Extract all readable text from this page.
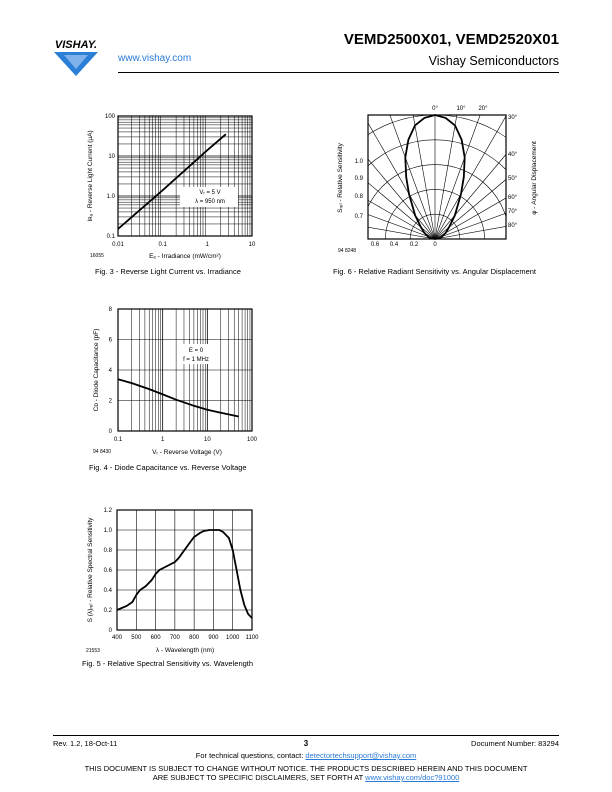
VISHAY.
www.vishay.com
VEMD2500X01, VEMD2520X01
Vishay Semiconductors
Vᵣ = 5 V
λ = 950 nm
0.01	0.1	1	10
100
10
1.0
0.1
Iʀₐ - Reverse Light Current (µA)
Eₑ - Irradiance (mW/cm²)
16055
Fig. 3 - Reverse Light Current vs. Irradiance
0°	10° 20°
30°
40°
50°
60°
70°
80°
1.0
0.9
0.8
0.7
0.6 0.4 0.2	0
Sᵣₑₗ - Relative Sensitivity	φ - Angular Displacement
94 8248
Fig. 6 - Relative Radiant Sensitivity vs. Angular Displacement
E = 0
f = 1 MHz
0.1	1	10	100
8
6
4
2
0
Cᴅ - Diode Capacitance (pF)
Vᵣ - Reverse Voltage (V)
94 8430
Fig. 4 - Diode Capacitance vs. Reverse Voltage
400 500 600 700 800 900 1000 1100
1.2
1.0
0.8
0.6
0.4
0.2
0
S (λ)ᵣₑₗ - Relative Spectral Sensitivity
λ - Wavelength (nm)
21553
Fig. 5 - Relative Spectral Sensitivity vs. Wavelength
3
Rev. 1.2, 18-Oct-11	Document Number: 83294
For technical questions, contact: detectortechsupport@vishay.com
THIS DOCUMENT IS SUBJECT TO CHANGE WITHOUT NOTICE. THE PRODUCTS DESCRIBED HEREIN AND THIS DOCUMENT
ARE SUBJECT TO SPECIFIC DISCLAIMERS, SET FORTH AT www.vishay.com/doc?91000
